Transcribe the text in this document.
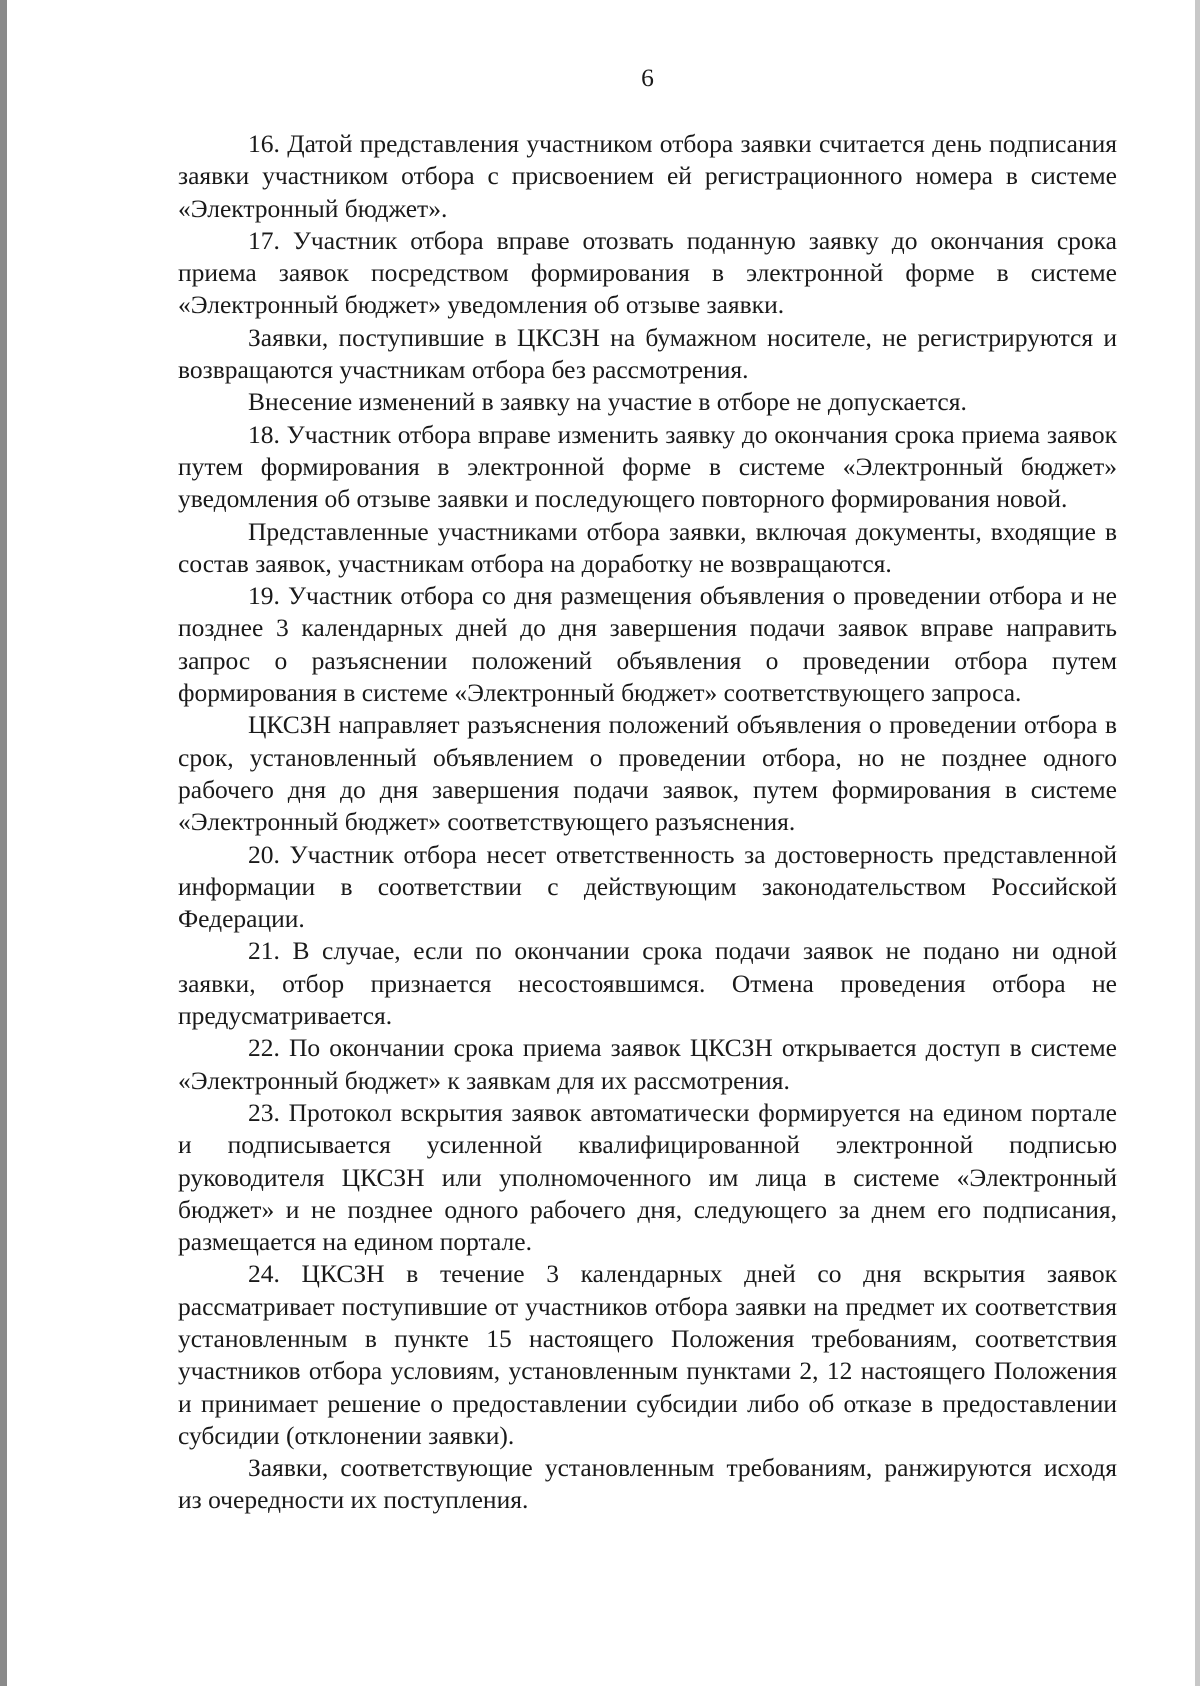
6

16. Датой представления участником отбора заявки считается день подписания заявки участником отбора с присвоением ей регистрационного номера в системе «Электронный бюджет».

17. Участник отбора вправе отозвать поданную заявку до окончания срока приема заявок посредством формирования в электронной форме в системе «Электронный бюджет» уведомления об отзыве заявки.

Заявки, поступившие в ЦКСЗН на бумажном носителе, не регистрируются и возвращаются участникам отбора без рассмотрения.

Внесение изменений в заявку на участие в отборе не допускается.

18. Участник отбора вправе изменить заявку до окончания срока приема заявок путем формирования в электронной форме в системе «Электронный бюджет» уведомления об отзыве заявки и последующего повторного формирования новой.

Представленные участниками отбора заявки, включая документы, входящие в состав заявок, участникам отбора на доработку не возвращаются.

19. Участник отбора со дня размещения объявления о проведении отбора и не позднее 3 календарных дней до дня завершения подачи заявок вправе направить запрос о разъяснении положений объявления о проведении отбора путем формирования в системе «Электронный бюджет» соответствующего запроса.

ЦКСЗН направляет разъяснения положений объявления о проведении отбора в срок, установленный объявлением о проведении отбора, но не позднее одного рабочего дня до дня завершения подачи заявок, путем формирования в системе «Электронный бюджет» соответствующего разъяснения.

20. Участник отбора несет ответственность за достоверность представленной информации в соответствии с действующим законодательством Российской Федерации.

21. В случае, если по окончании срока подачи заявок не подано ни одной заявки, отбор признается несостоявшимся. Отмена проведения отбора не предусматривается.

22. По окончании срока приема заявок ЦКСЗН открывается доступ в системе «Электронный бюджет» к заявкам для их рассмотрения.

23. Протокол вскрытия заявок автоматически формируется на едином портале и подписывается усиленной квалифицированной электронной подписью руководителя ЦКСЗН или уполномоченного им лица в системе «Электронный бюджет» и не позднее одного рабочего дня, следующего за днем его подписания, размещается на едином портале.

24. ЦКСЗН в течение 3 календарных дней со дня вскрытия заявок рассматривает поступившие от участников отбора заявки на предмет их соответствия установленным в пункте 15 настоящего Положения требованиям, соответствия участников отбора условиям, установленным пунктами 2, 12 настоящего Положения и принимает решение о предоставлении субсидии либо об отказе в предоставлении субсидии (отклонении заявки).

Заявки, соответствующие установленным требованиям, ранжируются исходя из очередности их поступления.
